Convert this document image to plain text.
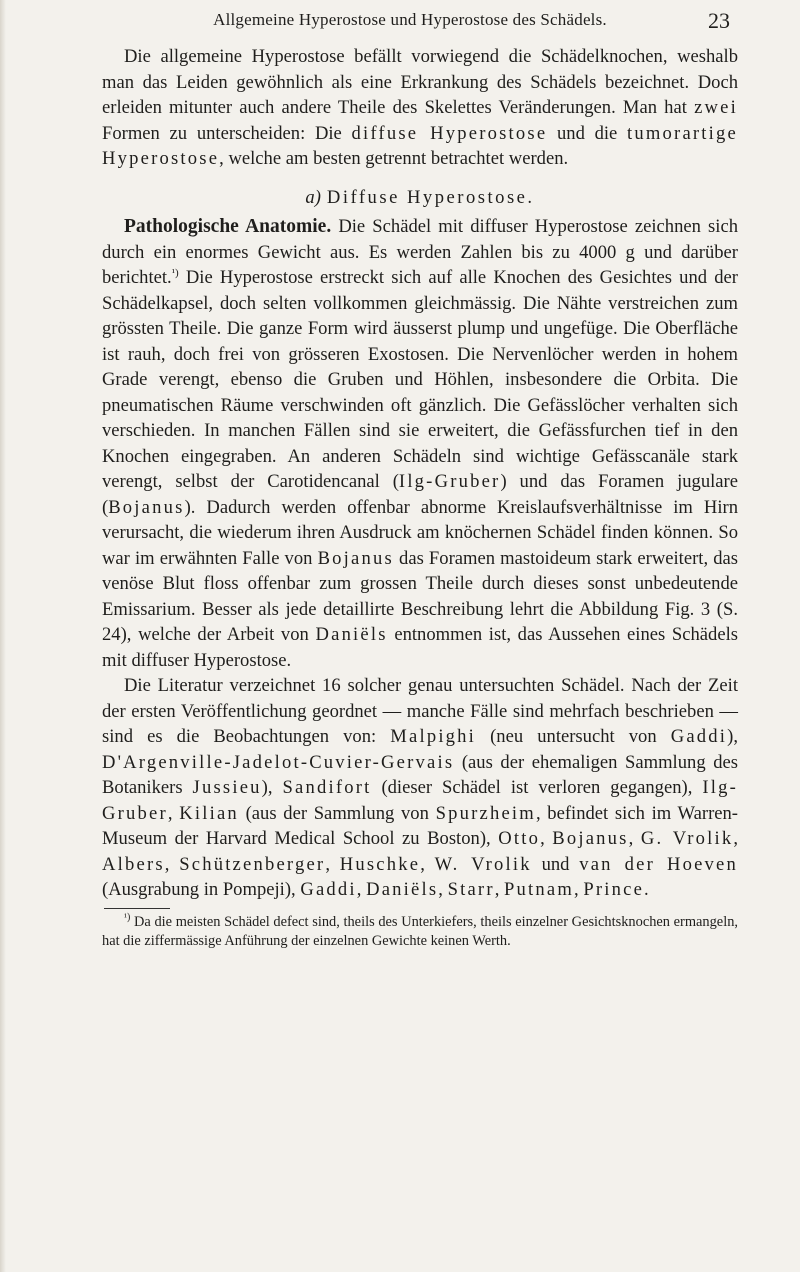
Allgemeine Hyperostose und Hyperostose des Schädels.	23

Die allgemeine Hyperostose befällt vorwiegend die Schädelknochen, weshalb man das Leiden gewöhnlich als eine Erkrankung des Schädels bezeichnet. Doch erleiden mitunter auch andere Theile des Skelettes Veränderungen. Man hat zwei Formen zu unterscheiden: Die diffuse Hyperostose und die tumorartige Hyperostose, welche am besten getrennt betrachtet werden.

a) Diffuse Hyperostose.

Pathologische Anatomie. Die Schädel mit diffuser Hyperostose zeichnen sich durch ein enormes Gewicht aus. Es werden Zahlen bis zu 4000 g und darüber berichtet.$^{^1)}$ Die Hyperostose erstreckt sich auf alle Knochen des Gesichtes und der Schädelkapsel, doch selten vollkommen gleichmässig. Die Nähte verstreichen zum grössten Theile. Die ganze Form wird äusserst plump und ungefüge. Die Oberfläche ist rauh, doch frei von grösseren Exostosen. Die Nervenlöcher werden in hohem Grade verengt, ebenso die Gruben und Höhlen, insbesondere die Orbita. Die pneumatischen Räume verschwinden oft gänzlich. Die Gefässlöcher verhalten sich verschieden. In manchen Fällen sind sie erweitert, die Gefässfurchen tief in den Knochen eingegraben. An anderen Schädeln sind wichtige Gefässcanäle stark verengt, selbst der Carotidencanal (Ilg-Gruber) und das Foramen jugulare (Bojanus). Dadurch werden offenbar abnorme Kreislaufsverhältnisse im Hirn verursacht, die wiederum ihren Ausdruck am knöchernen Schädel finden können. So war im erwähnten Falle von Bojanus das Foramen mastoideum stark erweitert, das venöse Blut floss offenbar zum grossen Theile durch dieses sonst unbedeutende Emissarium. Besser als jede detaillirte Beschreibung lehrt die Abbildung Fig. 3 (S. 24), welche der Arbeit von Daniëls entnommen ist, das Aussehen eines Schädels mit diffuser Hyperostose.

Die Literatur verzeichnet 16 solcher genau untersuchten Schädel. Nach der Zeit der ersten Veröffentlichung geordnet — manche Fälle sind mehrfach beschrieben — sind es die Beobachtungen von: Malpighi (neu untersucht von Gaddi), D'Argenville-Jadelot-Cuvier-Gervais (aus der ehemaligen Sammlung des Botanikers Jussieu), Sandifort (dieser Schädel ist verloren gegangen), Ilg-Gruber, Kilian (aus der Sammlung von Spurzheim, befindet sich im Warren-Museum der Harvard Medical School zu Boston), Otto, Bojanus, G. Vrolik, Albers, Schützenberger, Huschke, W. Vrolik und van der Hoeven (Ausgrabung in Pompeji), Gaddi, Daniëls, Starr, Putnam, Prince.

$^{^1)}$ Da die meisten Schädel defect sind, theils des Unterkiefers, theils einzelner Gesichtsknochen ermangeln, hat die ziffermässige Anführung der einzelnen Gewichte keinen Werth.
